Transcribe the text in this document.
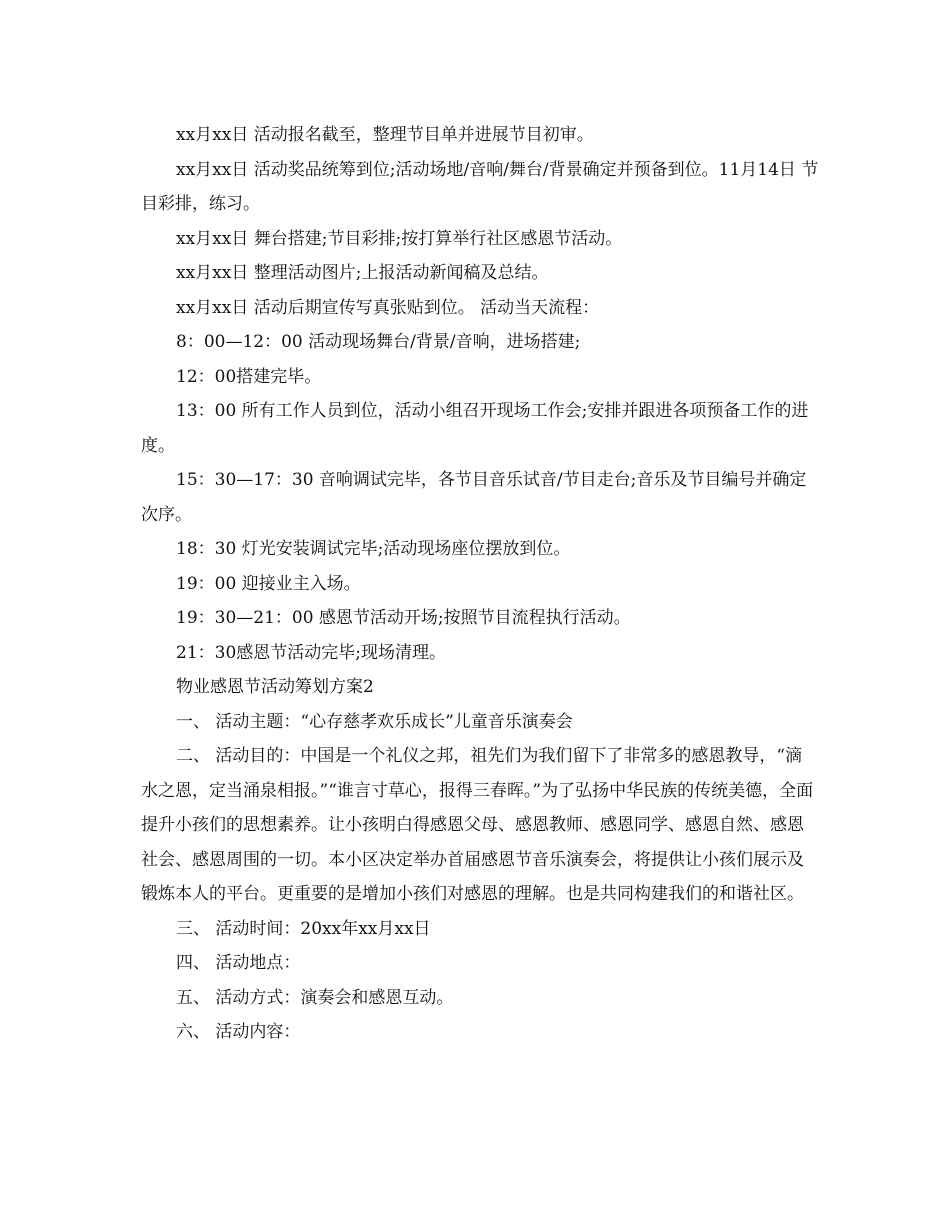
xx月xx日 活动报名截至，整理节目单并进展节目初审。

xx月xx日 活动奖品统筹到位;活动场地/音响/舞台/背景确定并预备到位。11月14日 节目彩排，练习。

xx月xx日 舞台搭建;节目彩排;按打算举行社区感恩节活动。

xx月xx日 整理活动图片;上报活动新闻稿及总结。

xx月xx日 活动后期宣传写真张贴到位。 活动当天流程：

8：00—12：00 活动现场舞台/背景/音响，进场搭建;

12：00搭建完毕。

13：00 所有工作人员到位，活动小组召开现场工作会;安排并跟进各项预备工作的进度。

15：30—17：30 音响调试完毕，各节目音乐试音/节目走台;音乐及节目编号并确定次序。

18：30 灯光安装调试完毕;活动现场座位摆放到位。

19：00 迎接业主入场。

19：30—21：00 感恩节活动开场;按照节目流程执行活动。

21：30感恩节活动完毕;现场清理。

物业感恩节活动筹划方案2

一、 活动主题：“心存慈孝欢乐成长”儿童音乐演奏会

二、 活动目的：中国是一个礼仪之邦，祖先们为我们留下了非常多的感恩教导，“滴水之恩，定当涌泉相报。”“谁言寸草心，报得三春晖。”为了弘扬中华民族的传统美德，全面提升小孩们的思想素养。让小孩明白得感恩父母、感恩教师、感恩同学、感恩自然、感恩社会、感恩周围的一切。本小区决定举办首届感恩节音乐演奏会，将提供让小孩们展示及锻炼本人的平台。更重要的是增加小孩们对感恩的理解。也是共同构建我们的和谐社区。

三、 活动时间：20xx年xx月xx日

四、 活动地点：

五、 活动方式：演奏会和感恩互动。

六、 活动内容：
